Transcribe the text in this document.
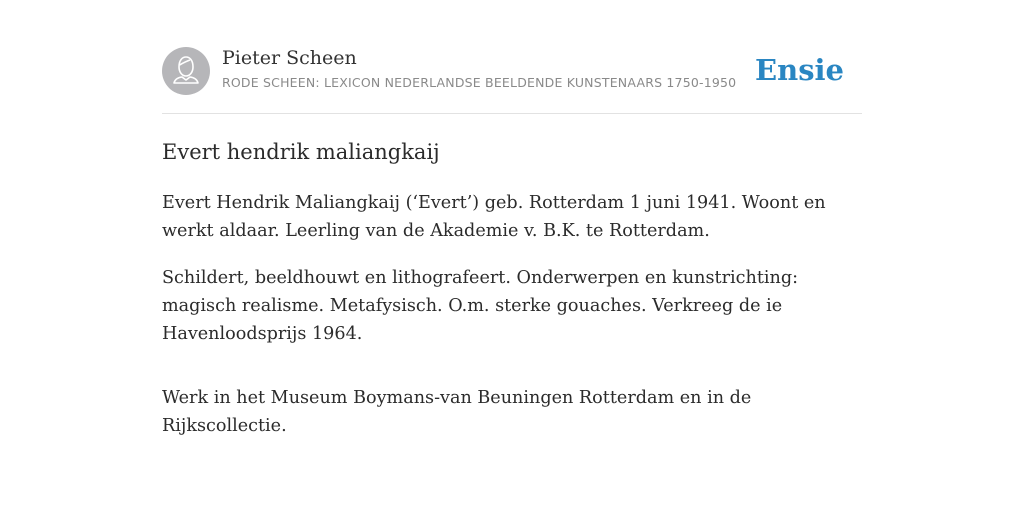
Pieter Scheen
RODE SCHEEN: LEXICON NEDERLANDSE BEELDENDE KUNSTENAARS 1750-1950 Ensie
Evert hendrik maliangkaij

Evert Hendrik Maliangkaij (‘Evert’) geb. Rotterdam 1 juni 1941. Woont en werkt aldaar. Leerling van de Akademie v. B.K. te Rotterdam.

Schildert, beeldhouwt en lithografeert. Onderwerpen en kunstrichting: magisch realisme. Metafysisch. O.m. sterke gouaches. Verkreeg de ie Havenloodsprijs 1964.

Werk in het Museum Boymans-van Beuningen Rotterdam en in de Rijkscollectie.
